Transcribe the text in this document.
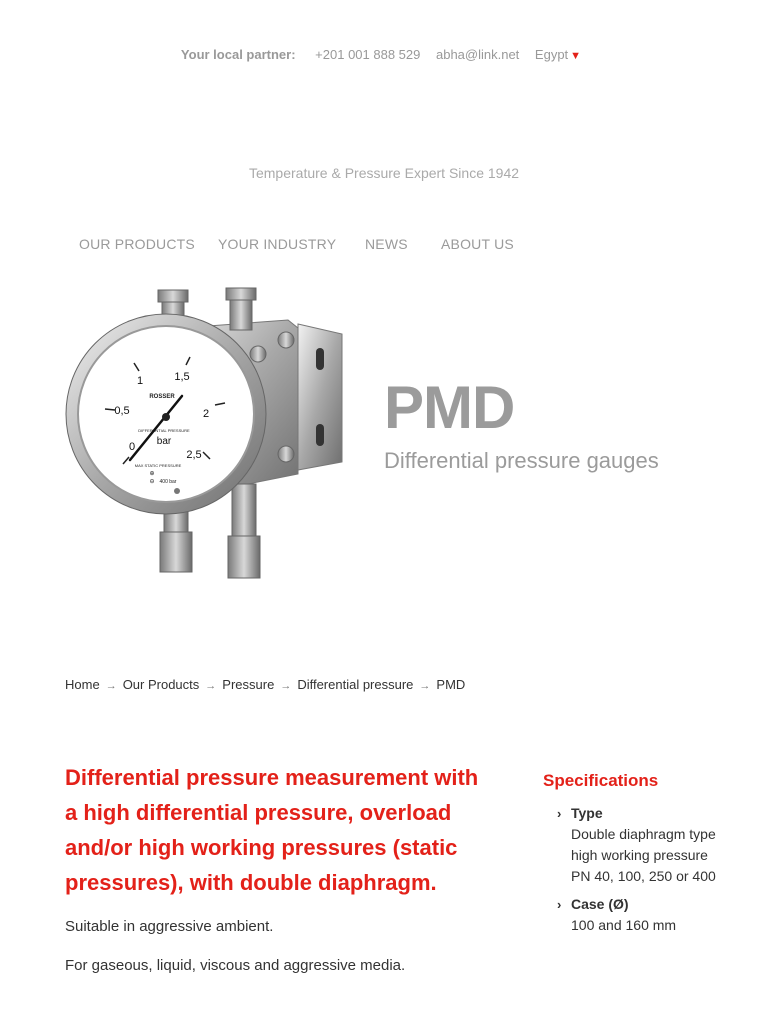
Your local partner: +201 001 888 529 abha@link.net Egypt ▼
Temperature & Pressure Expert Since 1942
OUR PRODUCTS YOUR INDUSTRY NEWS ABOUT US
0
0,5
1	1,5
2
2,5
ROSSER
DIFFERENTIAL PRESSURE
bar
MAX STATIC PRESSURE
⊕
⊖ 400 bar
PMD
Differential pressure gauges
Home → Our Products → Pressure → Differential pressure → PMD
Differential pressure measurement with
a high differential pressure, overload
and/or high working pressures (static
pressures), with double diaphragm.
Suitable in aggressive ambient.
For gaseous, liquid, viscous and aggressive media.
Specifications
› Type
Double diaphragm type high working pressure PN 40, 100, 250 or 400
› Case (Ø)
100 and 160 mm
